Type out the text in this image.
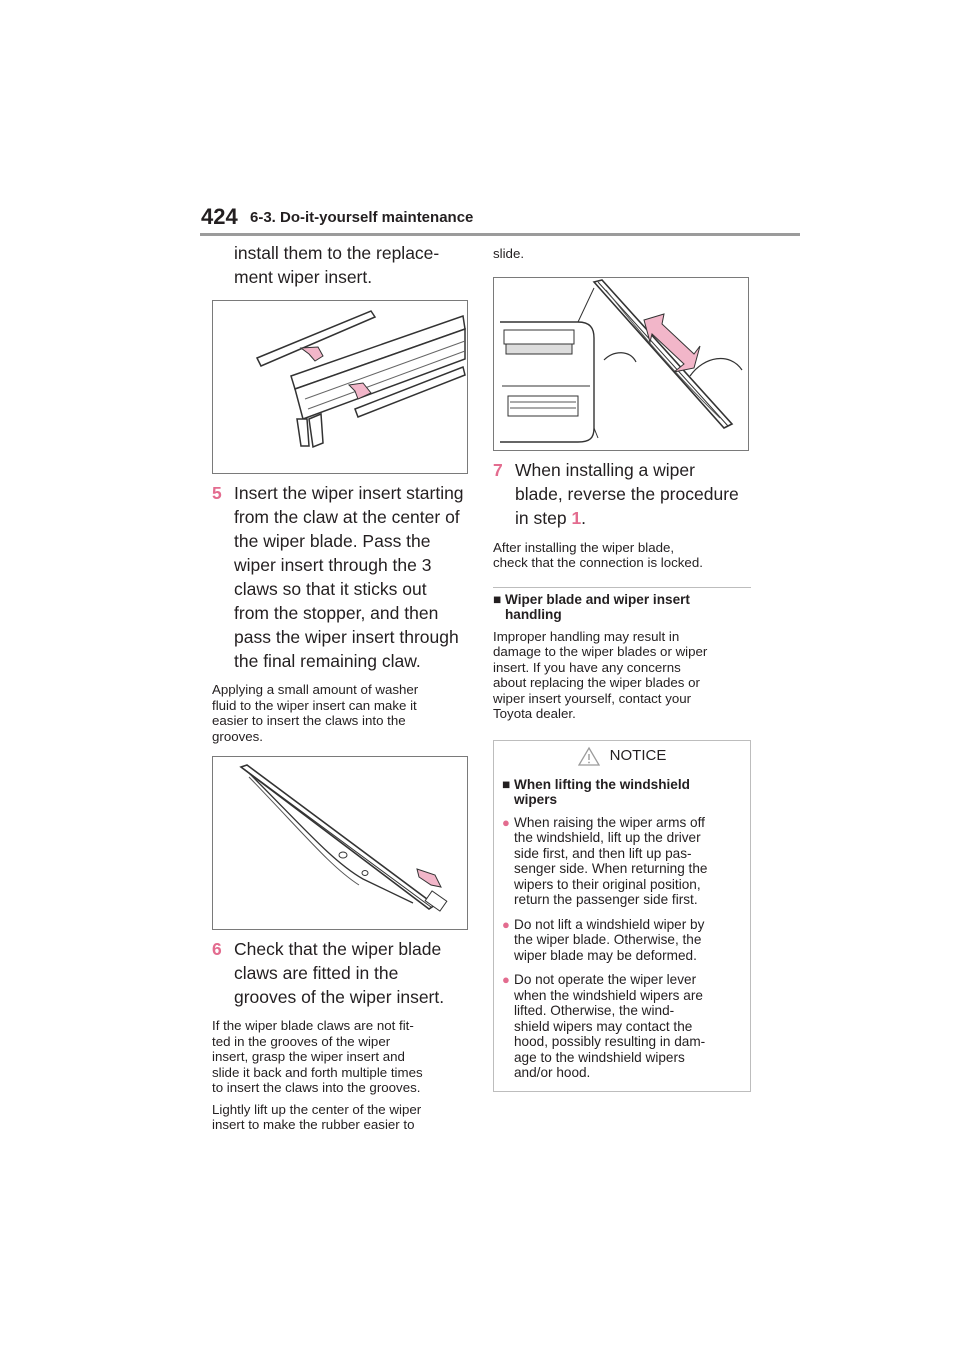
424 6-3. Do-it-yourself maintenance

install them to the replace-

ment wiper insert.

5 Insert the wiper insert starting
from the claw at the center of
the wiper blade. Pass the
wiper insert through the 3
claws so that it sticks out
from the stopper, and then
pass the wiper insert through
the final remaining claw.

Applying a small amount of washer

fluid to the wiper insert can make it

easier to insert the claws into the

grooves.

6 Check that the wiper blade
claws are fitted in the
grooves of the wiper insert.

If the wiper blade claws are not fit-

ted in the grooves of the wiper

insert, grasp the wiper insert and

slide it back and forth multiple times

to insert the claws into the grooves.

Lightly lift up the center of the wiper

insert to make the rubber easier to

slide.

7 When installing a wiper
blade, reverse the procedure
in step 1.

After installing the wiper blade,

check that the connection is locked.

■ Wiper blade and wiper insert
handling

Improper handling may result in

damage to the wiper blades or wiper

insert. If you have any concerns

about replacing the wiper blades or

wiper insert yourself, contact your

Toyota dealer.

NOTICE
■ When lifting the windshield
wipers
● When raising the wiper arms off
the windshield, lift up the driver
side first, and then lift up pas-
senger side. When returning the
wipers to their original position,
return the passenger side first.
● Do not lift a windshield wiper by
the wiper blade. Otherwise, the
wiper blade may be deformed.
● Do not operate the wiper lever
when the windshield wipers are
lifted. Otherwise, the wind-
shield wipers may contact the
hood, possibly resulting in dam-
age to the windshield wipers
and/or hood.
